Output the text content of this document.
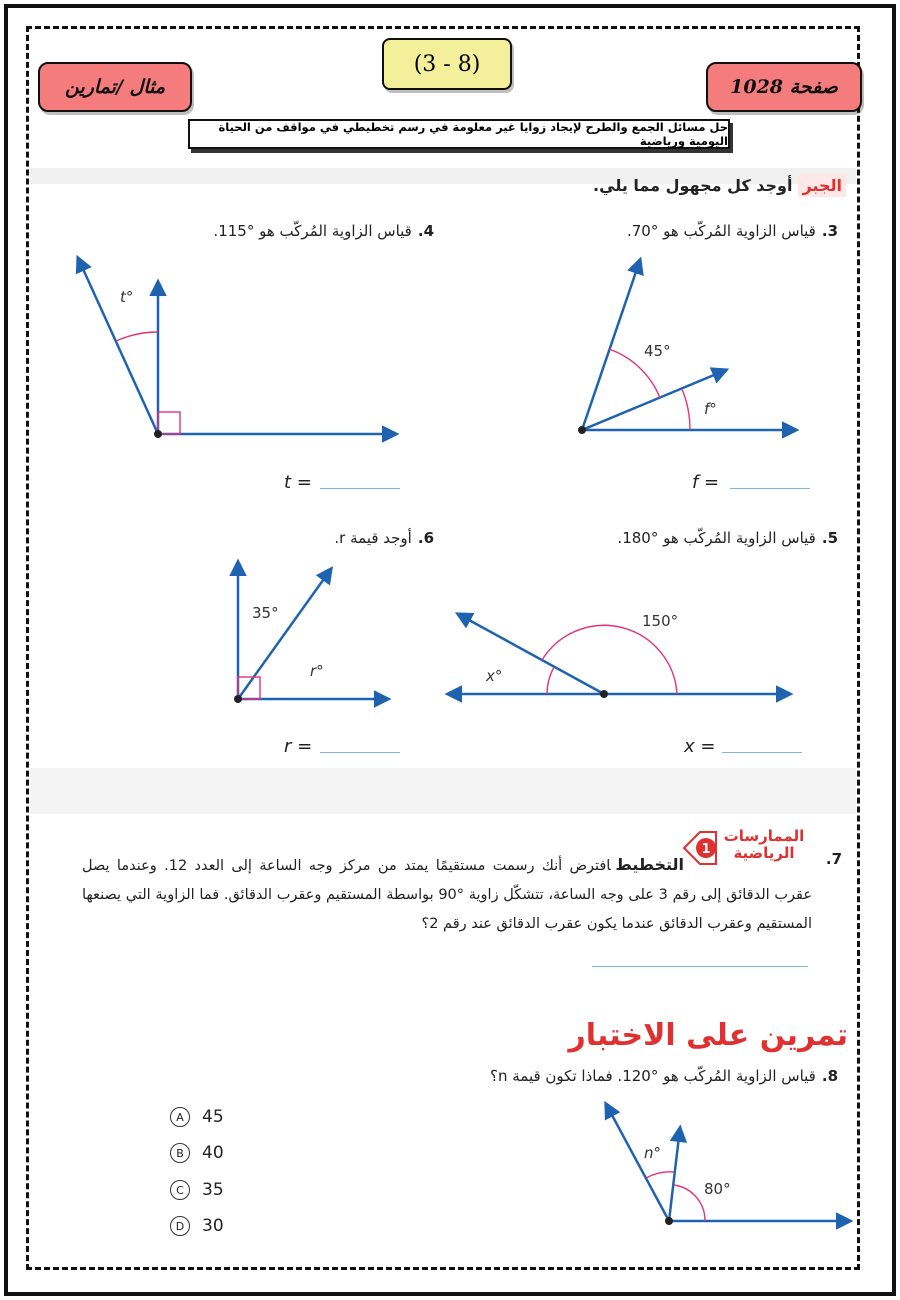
مثال /تمارين
(3 - 8)
صفحة 1028
حل مسائل الجمع والطرح لإيجاد زوايا غير معلومة في رسم تخطيطي في مواقف من الحياة اليومية ورياضية
الجبرأوجد كل مجهول مما يلي.
3.قياس الزاوية المُركّب هو °70.
45°
f°
t°
150°
x°
35°
r°
n°
80°
t =	f =
4.قياس الزاوية المُركّب هو °115.
5.قياس الزاوية المُركّب هو °180.
6.أوجد قيمة r.
r =	x =
الممارسات الرياضية
1
7.
التخطيطافترض أنك رسمت مستقيمًا يمتد من مركز وجه الساعة إلى العدد 12. وعندما يصل عقرب الدقائق إلى رقم 3 على وجه الساعة، تتشكّل زاوية °90 بواسطة المستقيم وعقرب الدقائق. فما الزاوية التي يصنعها المستقيم وعقرب الدقائق عندما يكون عقرب الدقائق عند رقم 2؟
تمرين على الاختبار
8.قياس الزاوية المُركّب هو °120. فماذا تكون قيمة n؟
A	45
B	40
C	35
D	30
